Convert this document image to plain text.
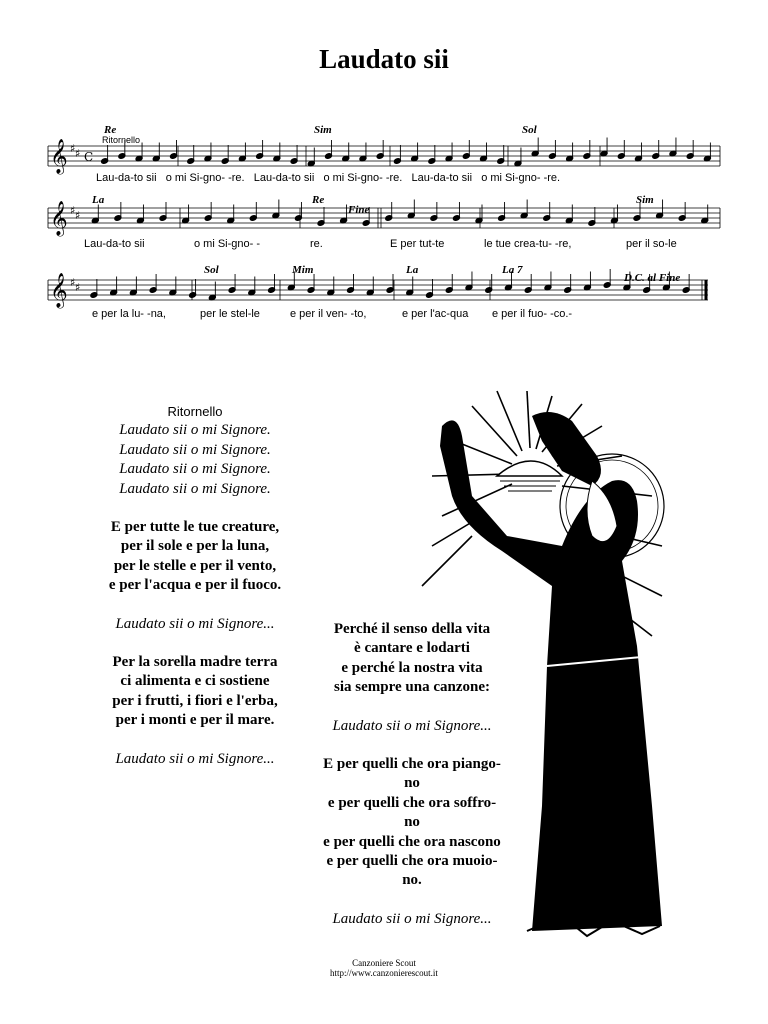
Laudato sii
Re
Ritornello
Sim	Sol
𝄞 ♯ ♯ C
Lau-da-to sii o mi Si-gno- -re. Lau-da-to sii o mi Si-gno- -re. Lau-da-to sii o mi Si-gno- -re.
La	Re
Fine
Sim
𝄞 ♯ ♯
Lau-da-to sii	o mi Si-gno- -	re.	E per tut-te	le tue crea-tu- -re,	per il so-le
Sol	Mim	La	La 7
D.C. al Fine
𝄞 ♯ ♯
e per la lu- -na,	per le stel-le	e per il ven- -to,	e per l'ac-qua e per il fuo- -co.-
Ritornello
Laudato sii o mi Signore.
Laudato sii o mi Signore.
Laudato sii o mi Signore.
Laudato sii o mi Signore.
E per tutte le tue creature,
per il sole e per la luna,
per le stelle e per il vento,
e per l'acqua e per il fuoco.
Laudato sii o mi Signore...
Per la sorella madre terra
ci alimenta e ci sostiene
per i frutti, i fiori e l'erba,
per i monti e per il mare.
Laudato sii o mi Signore...
Perché il senso della vita
è cantare e lodarti
e perché la nostra vita
sia sempre una canzone:
Laudato sii o mi Signore...
E per quelli che ora piango-
no
e per quelli che ora soffro-
no
e per quelli che ora nascono
e per quelli che ora muoio-
no.
Laudato sii o mi Signore...
Canzoniere Scout
http://www.canzonierescout.it
